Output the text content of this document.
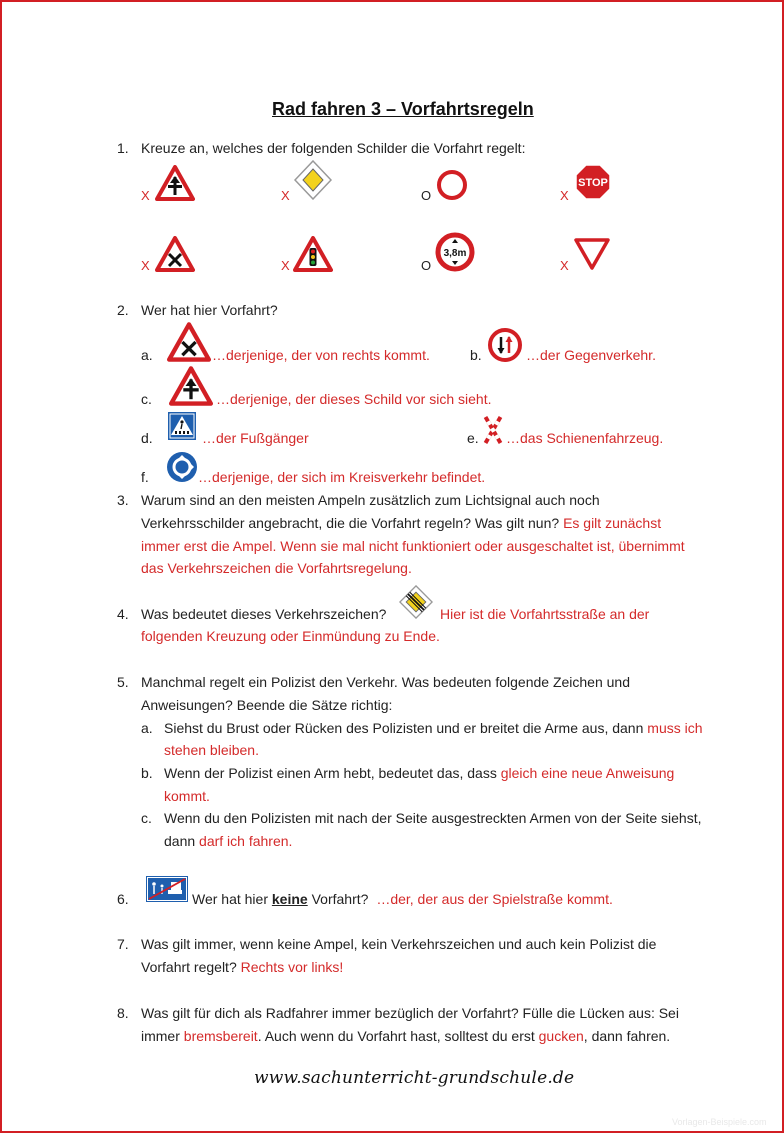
Rad fahren 3 – Vorfahrtsregeln
1. Kreuze an, welches der folgenden Schilder die Vorfahrt regelt:
X	X	O	X
STOP
X	X	O	X
3,8m
2. Wer hat hier Vorfahrt?
a.	…derjenige, der von rechts kommt.	b.	…der Gegenverkehr.
c.	…derjenige, der dieses Schild vor sich sieht.
d.	…der Fußgänger	e. …das Schienenfahrzeug.
f.	…derjenige, der sich im Kreisverkehr befindet.
3. Warum sind an den meisten Ampeln zusätzlich zum Lichtsignal auch noch
Verkehrsschilder angebracht, die die Vorfahrt regeln? Was gilt nun? Es gilt zunächst
immer erst die Ampel. Wenn sie mal nicht funktioniert oder ausgeschaltet ist, übernimmt
das Verkehrszeichen die Vorfahrtsregelung.
4. Was bedeutet dieses Verkehrszeichen?	Hier ist die Vorfahrtsstraße an der
folgenden Kreuzung oder Einmündung zu Ende.
5. Manchmal regelt ein Polizist den Verkehr. Was bedeuten folgende Zeichen und
Anweisungen? Beende die Sätze richtig:
a. Siehst du Brust oder Rücken des Polizisten und er breitet die Arme aus, dann muss ich
stehen bleiben.
b. Wenn der Polizist einen Arm hebt, bedeutet das, dass gleich eine neue Anweisung
kommt.
c. Wenn du den Polizisten mit nach der Seite ausgestreckten Armen von der Seite siehst,
dann darf ich fahren.
6.	Wer hat hier keine Vorfahrt? …der, der aus der Spielstraße kommt.
7. Was gilt immer, wenn keine Ampel, kein Verkehrszeichen und auch kein Polizist die
Vorfahrt regelt? Rechts vor links!
8. Was gilt für dich als Radfahrer immer bezüglich der Vorfahrt? Fülle die Lücken aus: Sei
immer bremsbereit. Auch wenn du Vorfahrt hast, solltest du erst gucken, dann fahren.
www.sachunterricht-grundschule.de
Vorlagen-Beispiele.com
